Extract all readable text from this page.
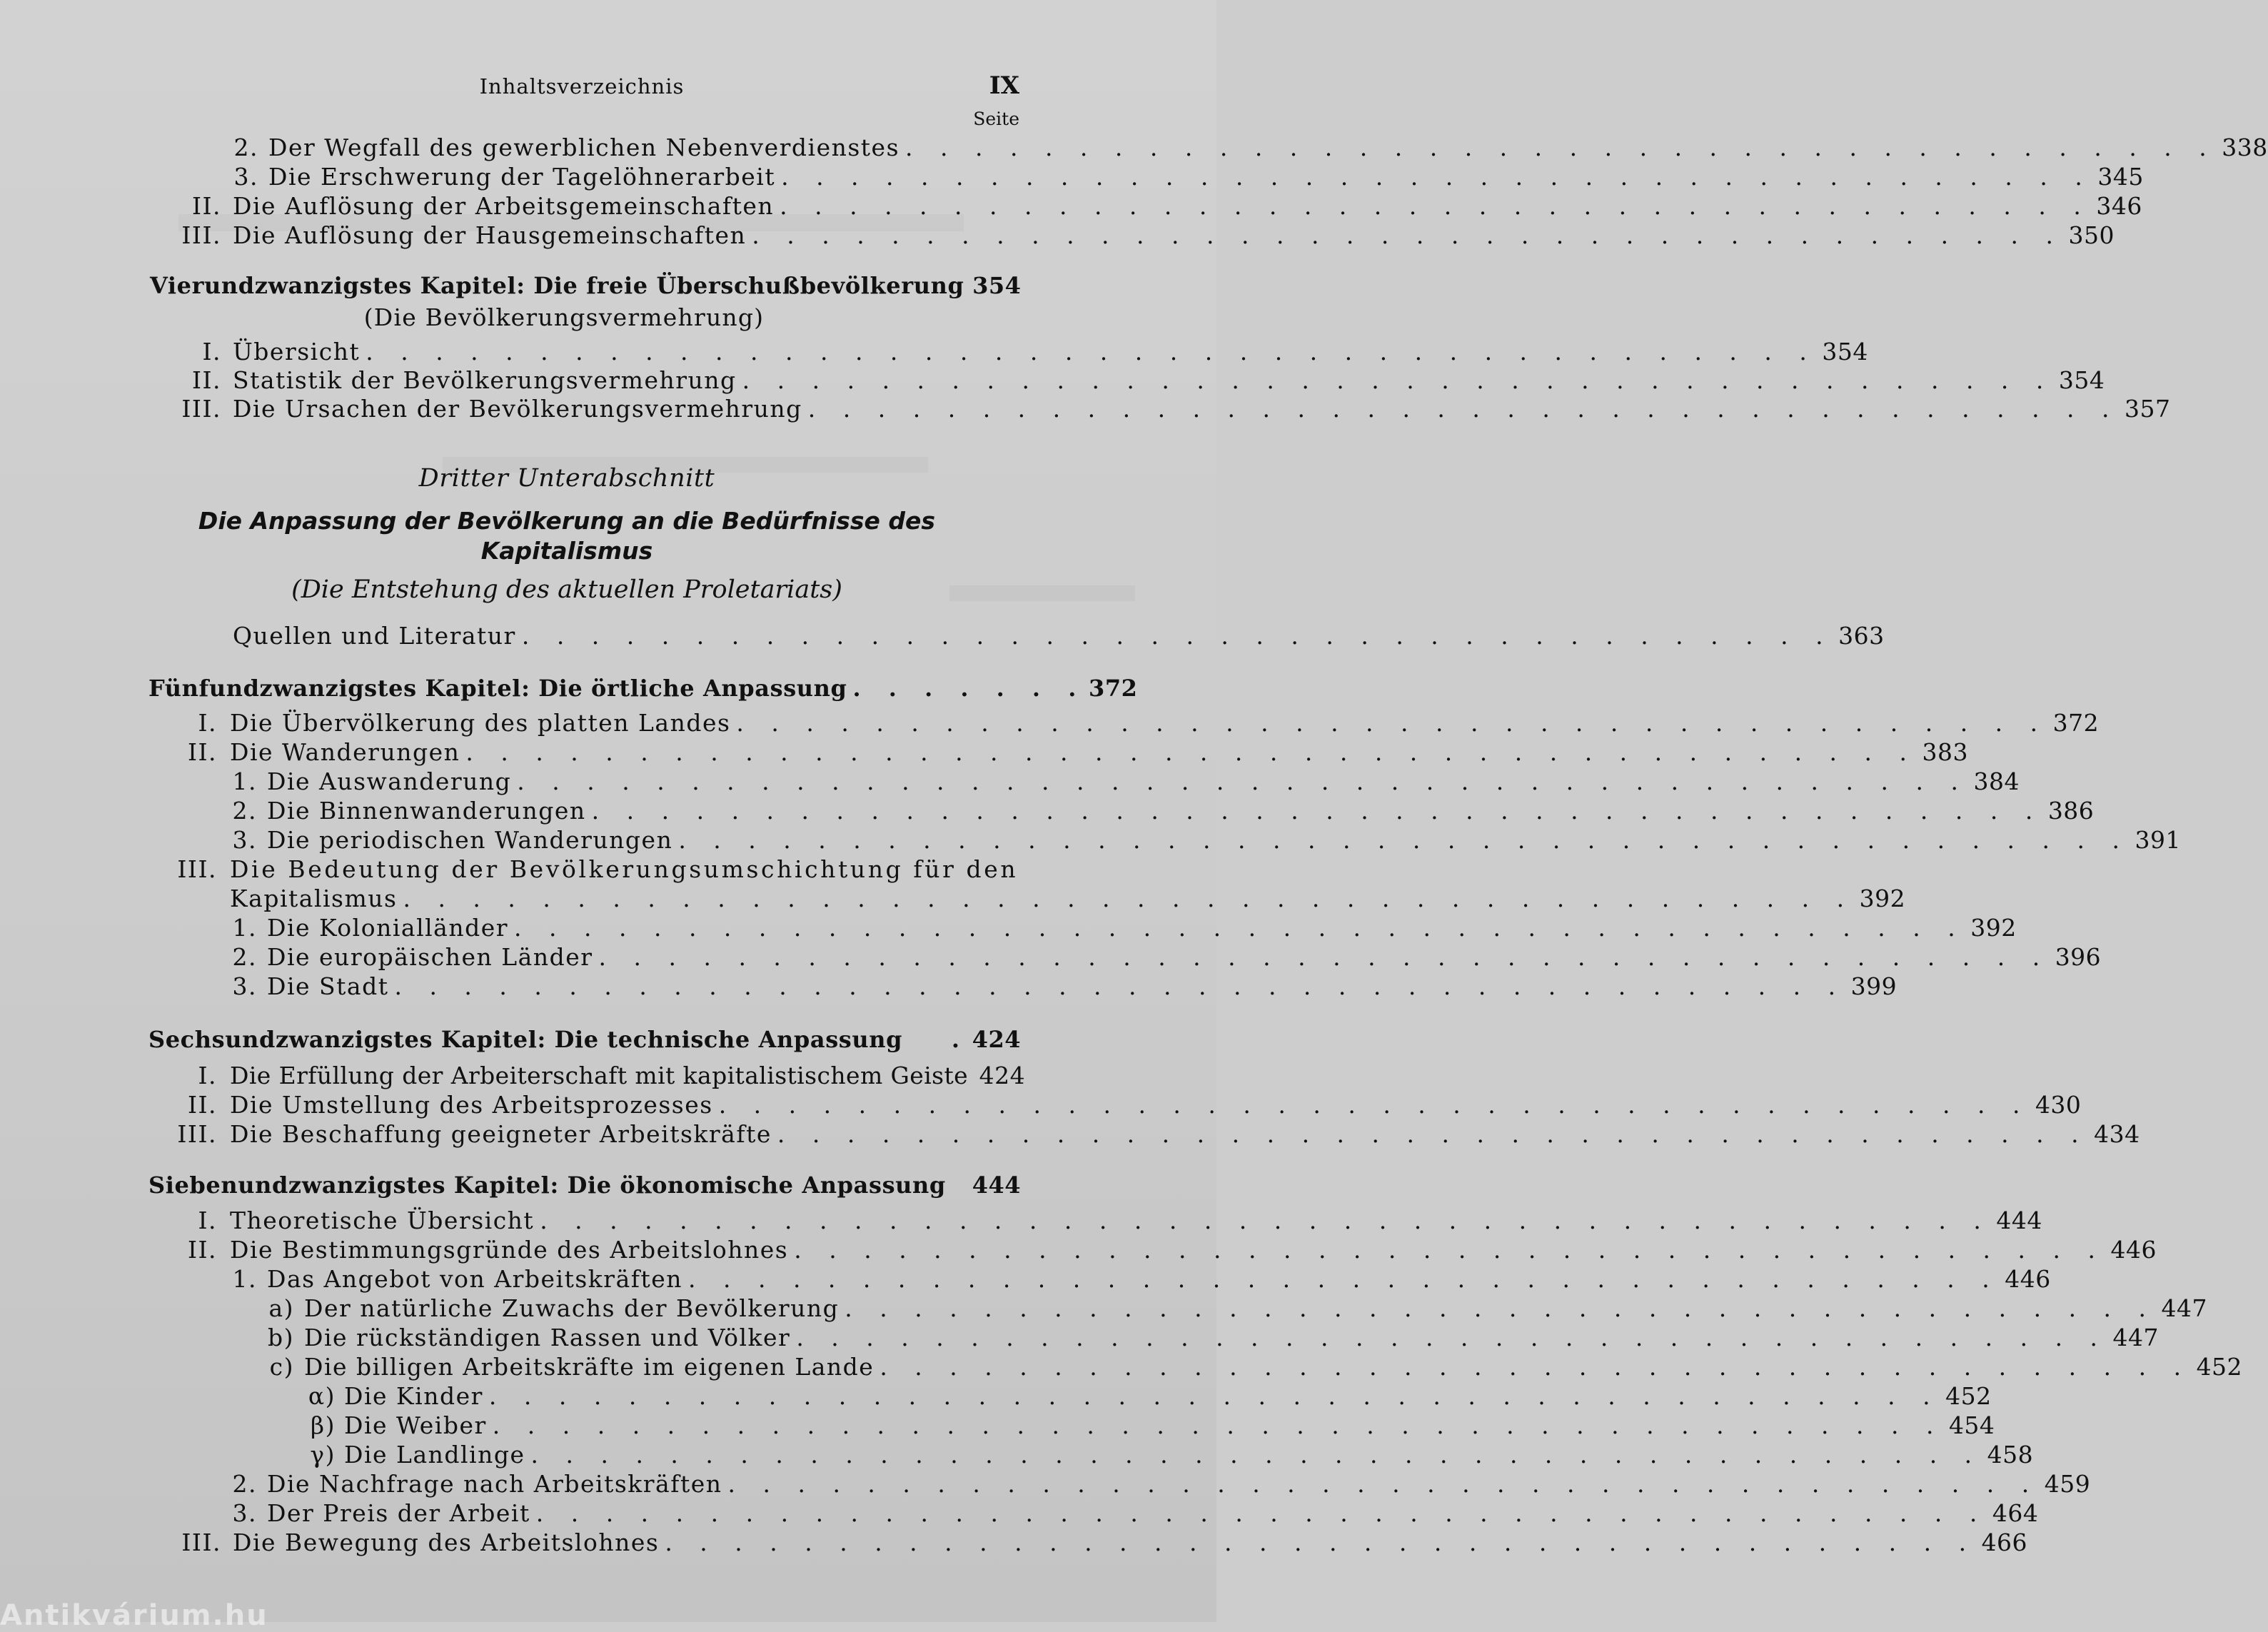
Inhaltsverzeichnis	IX
Seite
2. Der Wegfall des gewerblichen Nebenverdienstes . . . . . . . . . . . . . . . . . . . . . . . . . . . . . . . . . . . . . . 338
3. Die Erschwerung der Tagelöhnerarbeit . . . . . . . . . . . . . . . . . . . . . . . . . . . . . . . . . . . . . . 345
II. Die Auflösung der Arbeitsgemeinschaften . . . . . . . . . . . . . . . . . . . . . . . . . . . . . . . . . . . . . . 346
III. Die Auflösung der Hausgemeinschaften . . . . . . . . . . . . . . . . . . . . . . . . . . . . . . . . . . . . . . 350
Vierundzwanzigstes Kapitel: Die freie Überschußbevölkerung 354
(Die Bevölkerungsvermehrung)
I. Übersicht . . . . . . . . . . . . . . . . . . . . . . . . . . . . . . . . . . . . . . . . . . 354
II. Statistik der Bevölkerungsvermehrung . . . . . . . . . . . . . . . . . . . . . . . . . . . . . . . . . . . . . . 354
III. Die Ursachen der Bevölkerungsvermehrung . . . . . . . . . . . . . . . . . . . . . . . . . . . . . . . . . . . . . . 357
Dritter Unterabschnitt
Die Anpassung der Bevölkerung an die Bedürfnisse des
Kapitalismus
(Die Entstehung des aktuellen Proletariats)
Quellen und Literatur . . . . . . . . . . . . . . . . . . . . . . . . . . . . . . . . . . . . . . 363
Fünfundzwanzigstes Kapitel: Die örtliche Anpassung . . . . . . . 372
I. Die Übervölkerung des platten Landes . . . . . . . . . . . . . . . . . . . . . . . . . . . . . . . . . . . . . . 372
II. Die Wanderungen . . . . . . . . . . . . . . . . . . . . . . . . . . . . . . . . . . . . . . . . . . 383
1. Die Auswanderung . . . . . . . . . . . . . . . . . . . . . . . . . . . . . . . . . . . . . . . . . . 384
2. Die Binnenwanderungen . . . . . . . . . . . . . . . . . . . . . . . . . . . . . . . . . . . . . . . . . . 386
3. Die periodischen Wanderungen . . . . . . . . . . . . . . . . . . . . . . . . . . . . . . . . . . . . . . . . . . 391
III. Die Bedeutung der Bevölkerungsumschichtung für den
Kapitalismus . . . . . . . . . . . . . . . . . . . . . . . . . . . . . . . . . . . . . . . . . . 392
1. Die Kolonialländer . . . . . . . . . . . . . . . . . . . . . . . . . . . . . . . . . . . . . . . . . . 392
2. Die europäischen Länder . . . . . . . . . . . . . . . . . . . . . . . . . . . . . . . . . . . . . . . . . . 396
3. Die Stadt . . . . . . . . . . . . . . . . . . . . . . . . . . . . . . . . . . . . . . . . . . 399
Sechsundzwanzigstes Kapitel: Die technische Anpassung	. 424
I. Die Erfüllung der Arbeiterschaft mit kapitalistischem Geiste 424
II. Die Umstellung des Arbeitsprozesses . . . . . . . . . . . . . . . . . . . . . . . . . . . . . . . . . . . . . . 430
III. Die Beschaffung geeigneter Arbeitskräfte . . . . . . . . . . . . . . . . . . . . . . . . . . . . . . . . . . . . . . 434
Siebenundzwanzigstes Kapitel: Die ökonomische Anpassung 444
I. Theoretische Übersicht . . . . . . . . . . . . . . . . . . . . . . . . . . . . . . . . . . . . . . . . . . 444
II. Die Bestimmungsgründe des Arbeitslohnes . . . . . . . . . . . . . . . . . . . . . . . . . . . . . . . . . . . . . . 446
1. Das Angebot von Arbeitskräften . . . . . . . . . . . . . . . . . . . . . . . . . . . . . . . . . . . . . . 446
a) Der natürliche Zuwachs der Bevölkerung . . . . . . . . . . . . . . . . . . . . . . . . . . . . . . . . . . . . . . 447
b) Die rückständigen Rassen und Völker . . . . . . . . . . . . . . . . . . . . . . . . . . . . . . . . . . . . . . 447
c) Die billigen Arbeitskräfte im eigenen Lande . . . . . . . . . . . . . . . . . . . . . . . . . . . . . . . . . . . . . . 452
α) Die Kinder . . . . . . . . . . . . . . . . . . . . . . . . . . . . . . . . . . . . . . . . . . 452
β) Die Weiber . . . . . . . . . . . . . . . . . . . . . . . . . . . . . . . . . . . . . . . . . . 454
γ) Die Landlinge . . . . . . . . . . . . . . . . . . . . . . . . . . . . . . . . . . . . . . . . . . 458
2. Die Nachfrage nach Arbeitskräften . . . . . . . . . . . . . . . . . . . . . . . . . . . . . . . . . . . . . . 459
3. Der Preis der Arbeit . . . . . . . . . . . . . . . . . . . . . . . . . . . . . . . . . . . . . . . . . . 464
III. Die Bewegung des Arbeitslohnes . . . . . . . . . . . . . . . . . . . . . . . . . . . . . . . . . . . . . . 466
Antikvárium.hu
